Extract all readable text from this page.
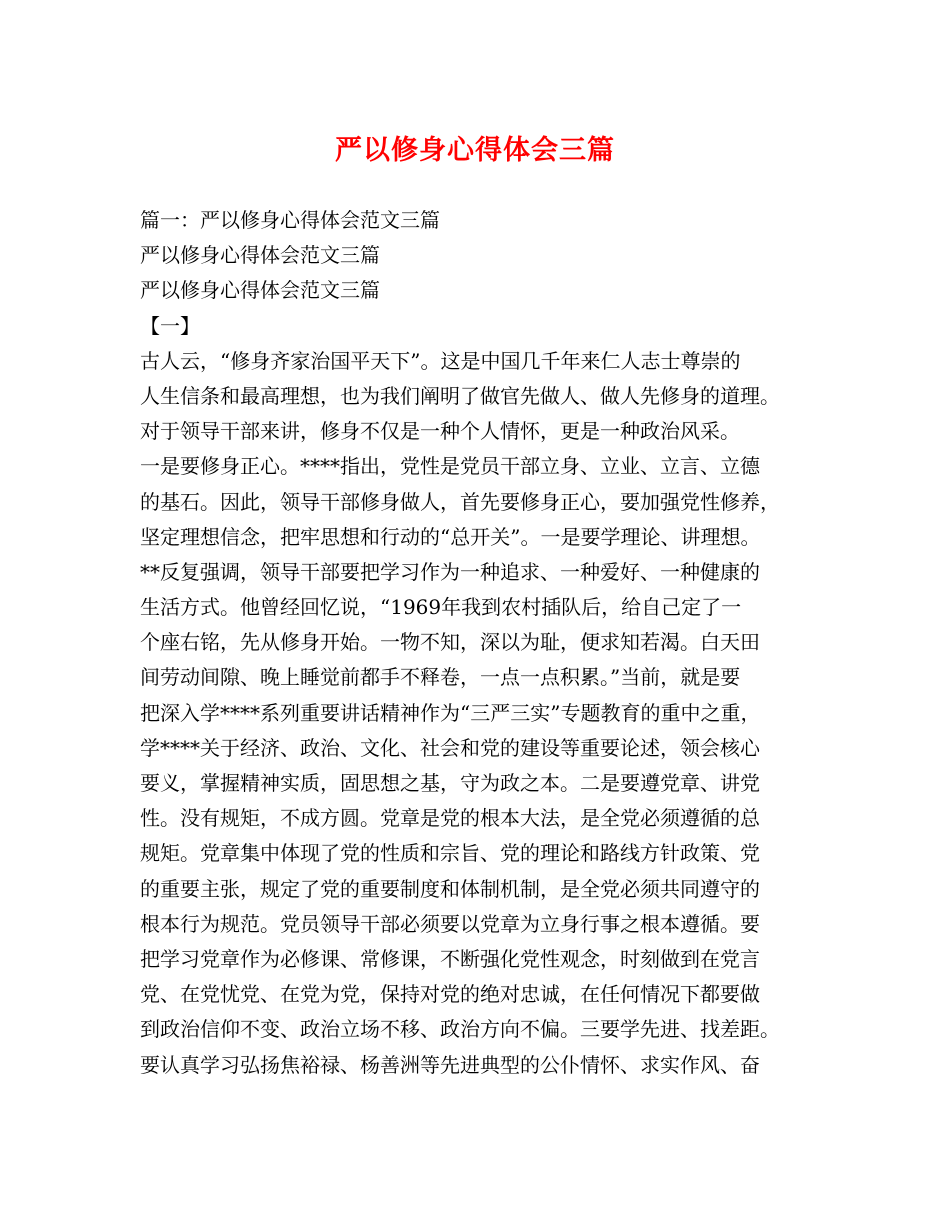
严以修身心得体会三篇
篇一：严以修身心得体会范文三篇
严以修身心得体会范文三篇
严以修身心得体会范文三篇
【一】
古人云，“修身齐家治国平天下”。这是中国几千年来仁人志士尊崇的
人生信条和最高理想，也为我们阐明了做官先做人、做人先修身的道理。
对于领导干部来讲，修身不仅是一种个人情怀，更是一种政治风采。
一是要修身正心。****指出，党性是党员干部立身、立业、立言、立德
的基石。因此，领导干部修身做人，首先要修身正心，要加强党性修养，
坚定理想信念，把牢思想和行动的“总开关”。一是要学理论、讲理想。
**反复强调，领导干部要把学习作为一种追求、一种爱好、一种健康的
生活方式。他曾经回忆说，“1969年我到农村插队后，给自己定了一
个座右铭，先从修身开始。一物不知，深以为耻，便求知若渴。白天田
间劳动间隙、晚上睡觉前都手不释卷，一点一点积累。”当前，就是要
把深入学****系列重要讲话精神作为“三严三实”专题教育的重中之重，
学****关于经济、政治、文化、社会和党的建设等重要论述，领会核心
要义，掌握精神实质，固思想之基，守为政之本。二是要遵党章、讲党
性。没有规矩，不成方圆。党章是党的根本大法，是全党必须遵循的总
规矩。党章集中体现了党的性质和宗旨、党的理论和路线方针政策、党
的重要主张，规定了党的重要制度和体制机制，是全党必须共同遵守的
根本行为规范。党员领导干部必须要以党章为立身行事之根本遵循。要
把学习党章作为必修课、常修课，不断强化党性观念，时刻做到在党言
党、在党忧党、在党为党，保持对党的绝对忠诚，在任何情况下都要做
到政治信仰不变、政治立场不移、政治方向不偏。三要学先进、找差距。
要认真学习弘扬焦裕禄、杨善洲等先进典型的公仆情怀、求实作风、奋
